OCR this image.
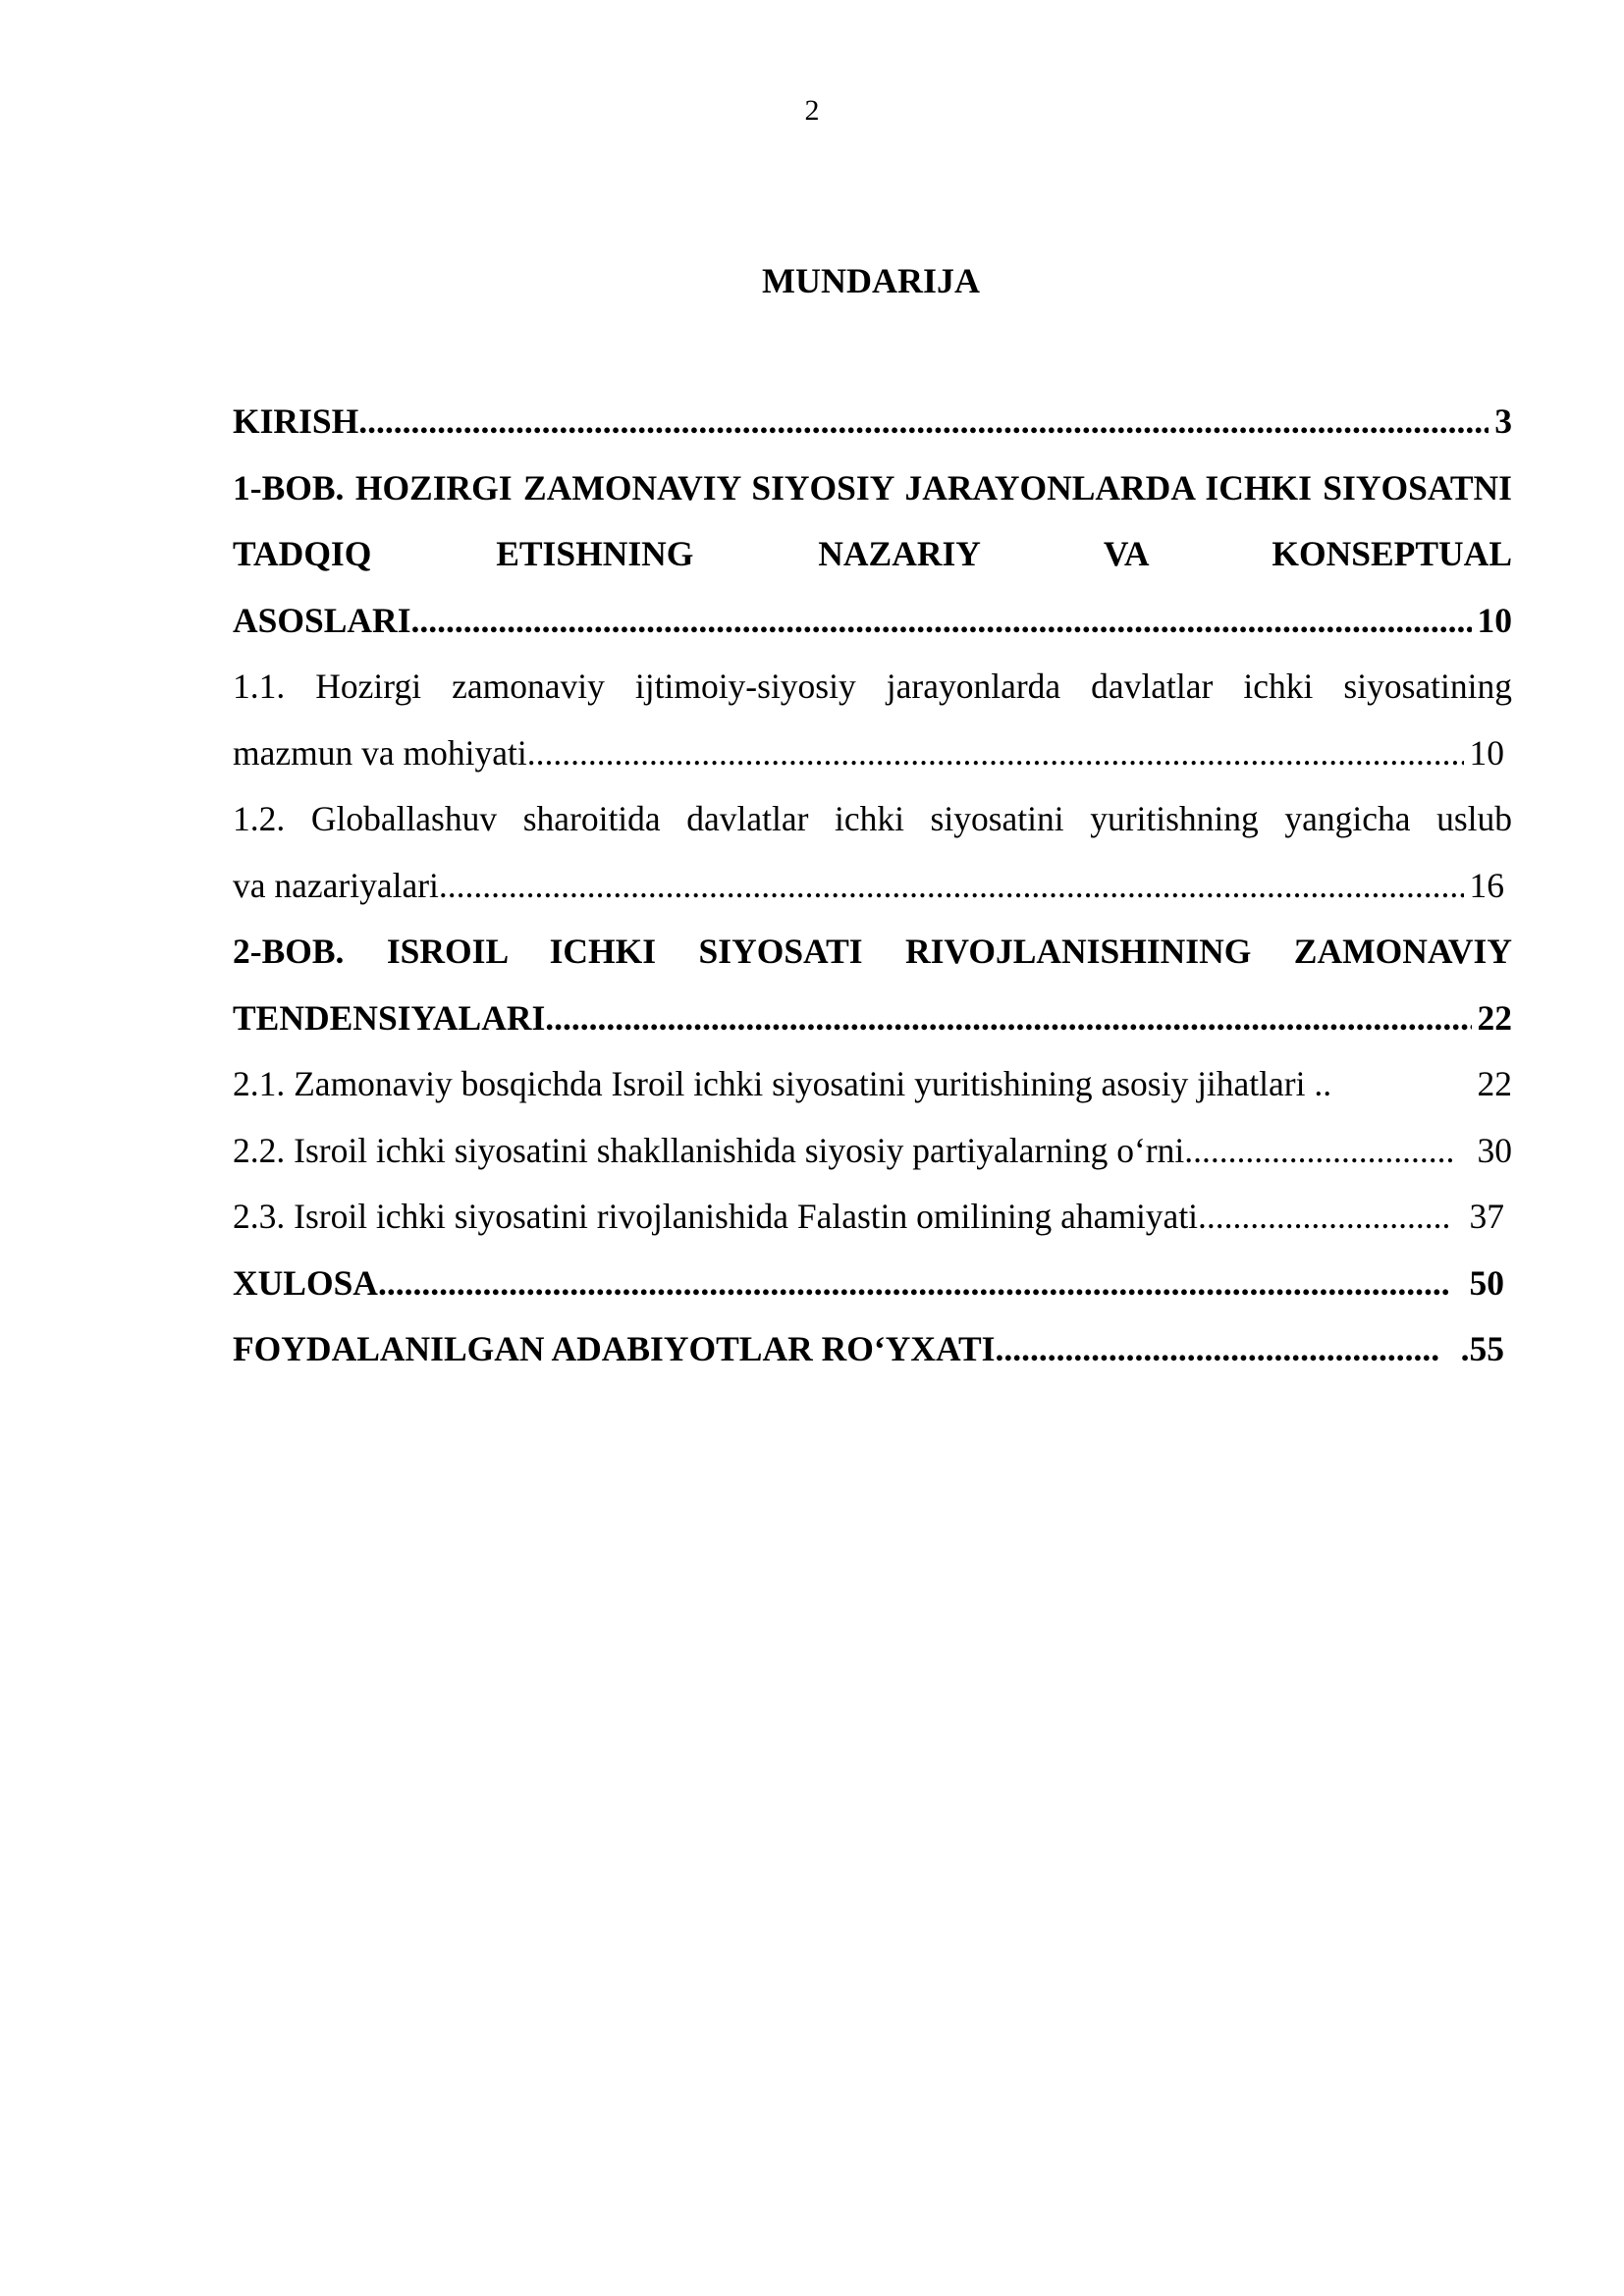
2
MUNDARIJA
KIRISH .....	3
1-BOB. HOZIRGI ZAMONAVIY SIYOSIY JARAYONLARDA ICHKI SIYOSATNI TADQIQ ETISHNING NAZARIY VA KONSEPTUAL
ASOSLARI .....	10
1.1. Hozirgi zamonaviy ijtimoiy-siyosiy jarayonlarda davlatlar ichki siyosatining
mazmun va mohiyati .....	10
1.2. Globallashuv sharoitida davlatlar ichki siyosatini yuritishning yangicha uslub
va nazariyalari .....	16
2-BOB. ISROIL ICHKI SIYOSATI RIVOJLANISHINING ZAMONAVIY
TENDENSIYALARI .....	22
2.1. Zamonaviy bosqichda Isroil ichki siyosatini yuritishining asosiy jihatlari ..	22
2.2. Isroil ichki siyosatini shakllanishida siyosiy partiyalarning o‘rni .....	30
2.3. Isroil ichki siyosatini rivojlanishida Falastin omilining ahamiyati .....	37
XULOSA .....	50
FOYDALANILGAN ADABIYOTLAR RO‘YXATI .....	.55
